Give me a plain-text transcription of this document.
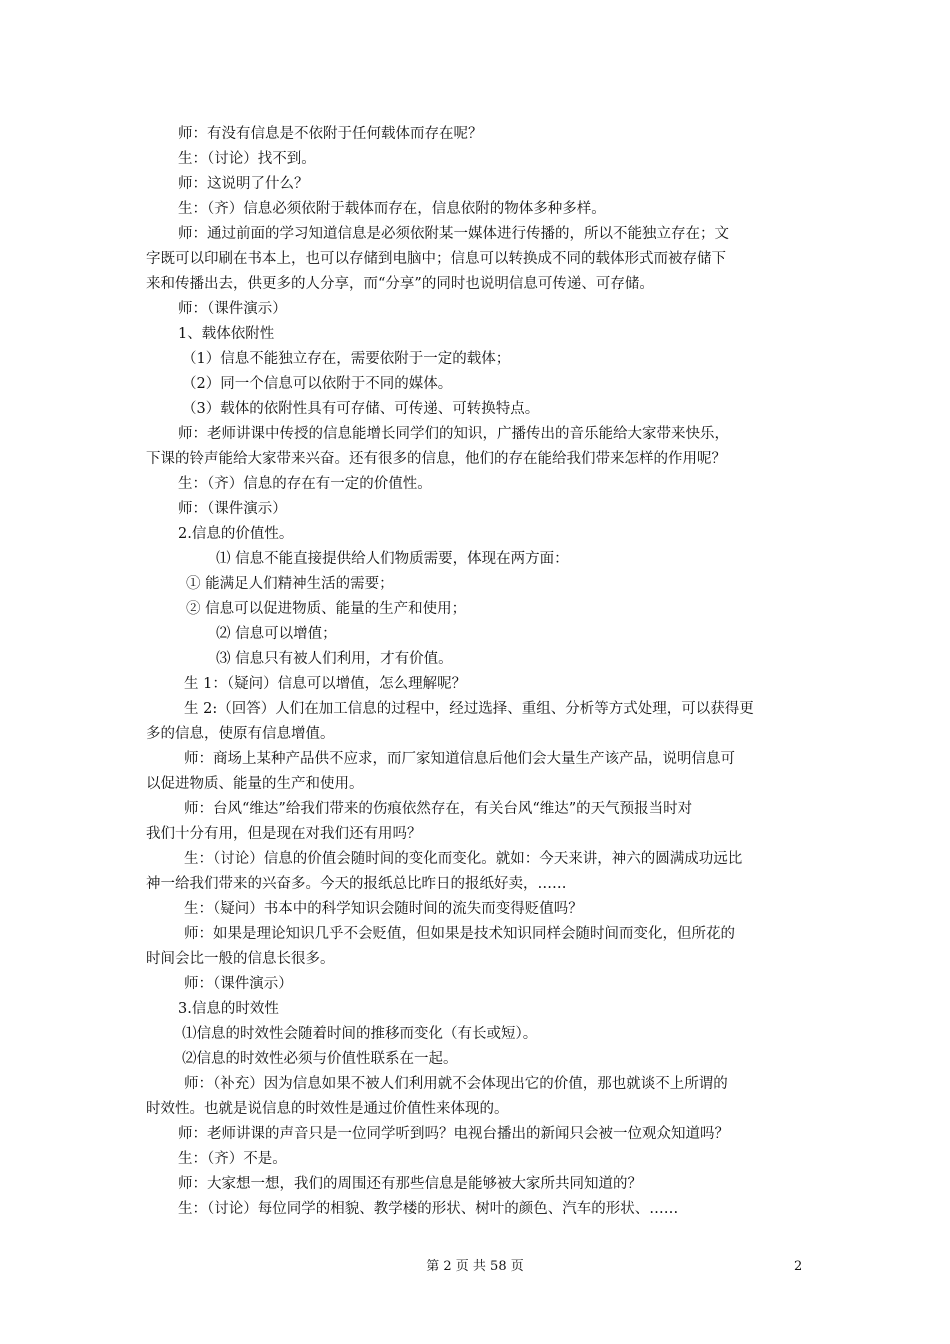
师：有没有信息是不依附于任何载体而存在呢？
生：（讨论）找不到。
师：这说明了什么？
生：（齐）信息必须依附于载体而存在，信息依附的物体多种多样。
师：通过前面的学习知道信息是必须依附某一媒体进行传播的，所以不能独立存在；文
字既可以印刷在书本上，也可以存储到电脑中；信息可以转换成不同的载体形式而被存储下
来和传播出去，供更多的人分享，而“分享”的同时也说明信息可传递、可存储。
师：（课件演示）
1、载体依附性
（1）信息不能独立存在，需要依附于一定的载体；
（2）同一个信息可以依附于不同的媒体。
（3）载体的依附性具有可存储、可传递、可转换特点。
师：老师讲课中传授的信息能增长同学们的知识，广播传出的音乐能给大家带来快乐，
下课的铃声能给大家带来兴奋。还有很多的信息，他们的存在能给我们带来怎样的作用呢？
生：（齐）信息的存在有一定的价值性。
师：（课件演示）
2.信息的价值性。
⑴ 信息不能直接提供给人们物质需要，体现在两方面：
① 能满足人们精神生活的需要；
② 信息可以促进物质、能量的生产和使用；
⑵ 信息可以增值；
⑶ 信息只有被人们利用，才有价值。
生 1：（疑问）信息可以增值，怎么理解呢？
生 2:（回答）人们在加工信息的过程中，经过选择、重组、分析等方式处理，可以获得更
多的信息，使原有信息增值。
师：商场上某种产品供不应求，而厂家知道信息后他们会大量生产该产品，说明信息可
以促进物质、能量的生产和使用。
师：台风“维达”给我们带来的伤痕依然存在，有关台风“维达”的天气预报当时对
我们十分有用，但是现在对我们还有用吗？
生：（讨论）信息的价值会随时间的变化而变化。就如：今天来讲，神六的圆满成功远比
神一给我们带来的兴奋多。今天的报纸总比昨日的报纸好卖，……
生：（疑问）书本中的科学知识会随时间的流失而变得贬值吗？
师：如果是理论知识几乎不会贬值，但如果是技术知识同样会随时间而变化，但所花的
时间会比一般的信息长很多。
师：（课件演示）
3.信息的时效性
⑴信息的时效性会随着时间的推移而变化（有长或短）。
⑵信息的时效性必须与价值性联系在一起。
师：（补充）因为信息如果不被人们利用就不会体现出它的价值，那也就谈不上所谓的
时效性。也就是说信息的时效性是通过价值性来体现的。
师：老师讲课的声音只是一位同学听到吗？电视台播出的新闻只会被一位观众知道吗？
生：（齐）不是。
师：大家想一想，我们的周围还有那些信息是能够被大家所共同知道的？
生：（讨论）每位同学的相貌、教学楼的形状、树叶的颜色、汽车的形状、……
第 2 页 共 58 页	2
